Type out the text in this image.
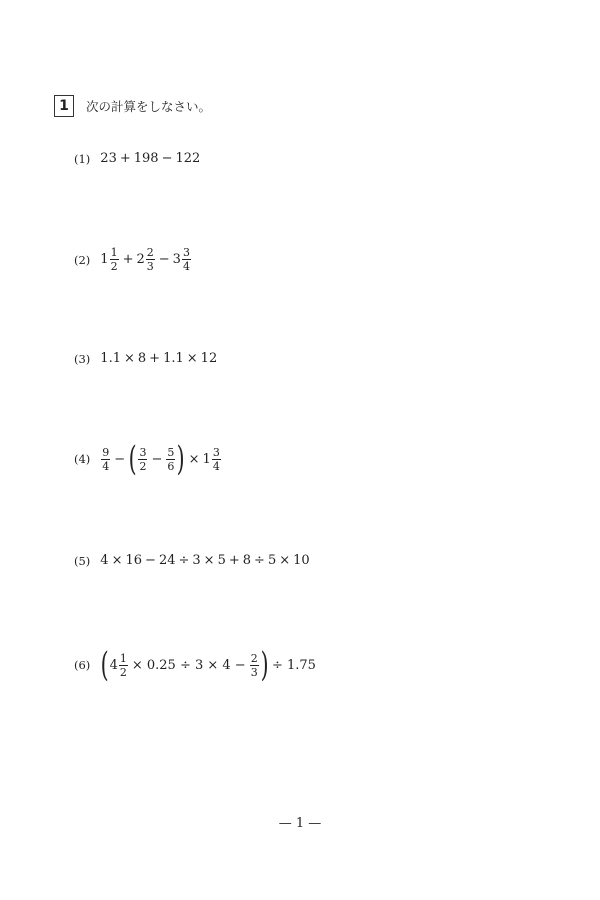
1	次の計算をしなさい。
(1) 23 + 198 − 122
(2) $1 \frac{1}{2} + 2 \frac{2}{3} - 3 \frac{3}{4}$
(3) 1.1 × 8 + 1.1 × 12
$(4) \frac{9}{4}$ − ( $\frac{3}{2} - \frac{5}{6}$ ) × $1 \frac{3}{4}$
(5) 4 × 16 − 24 ÷ 3 × 5 + 8 ÷ 5 × 10
(6) ( $4 \frac{1}{2} \times 0.25 \div 3 \times 4 - \frac{2}{3}$ ) ÷ 1.75
— 1 —
